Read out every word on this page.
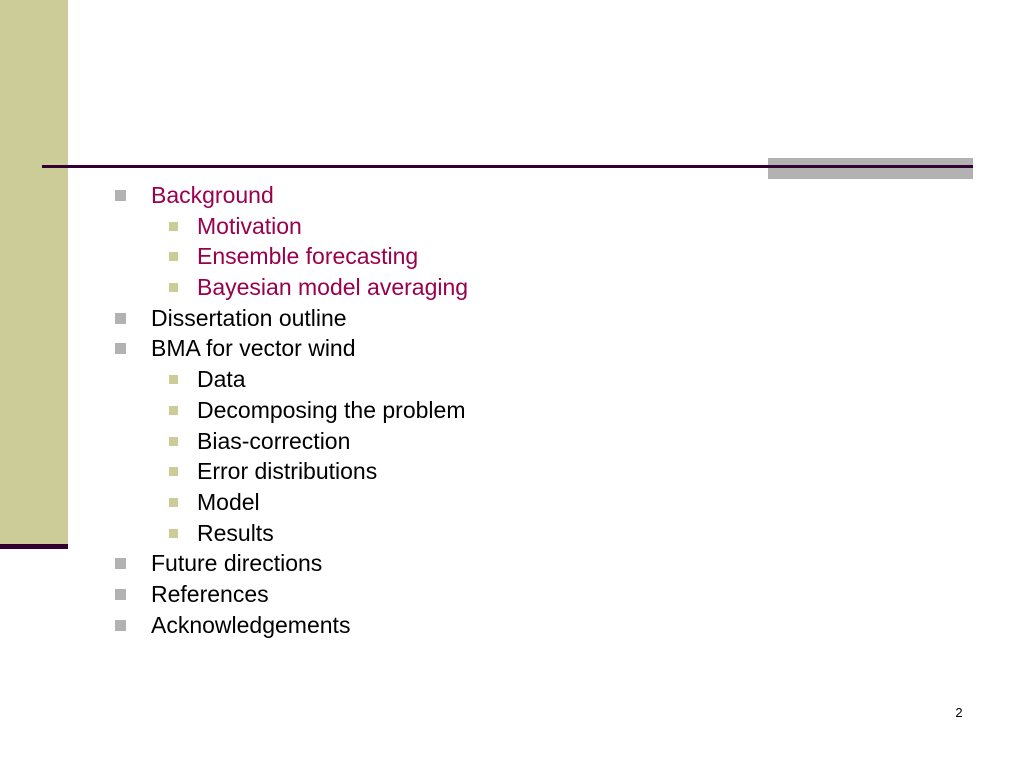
Background
Motivation
Ensemble forecasting
Bayesian model averaging
Dissertation outline
BMA for vector wind
Data
Decomposing the problem
Bias-correction
Error distributions
Model
Results
Future directions
References
Acknowledgements
2
